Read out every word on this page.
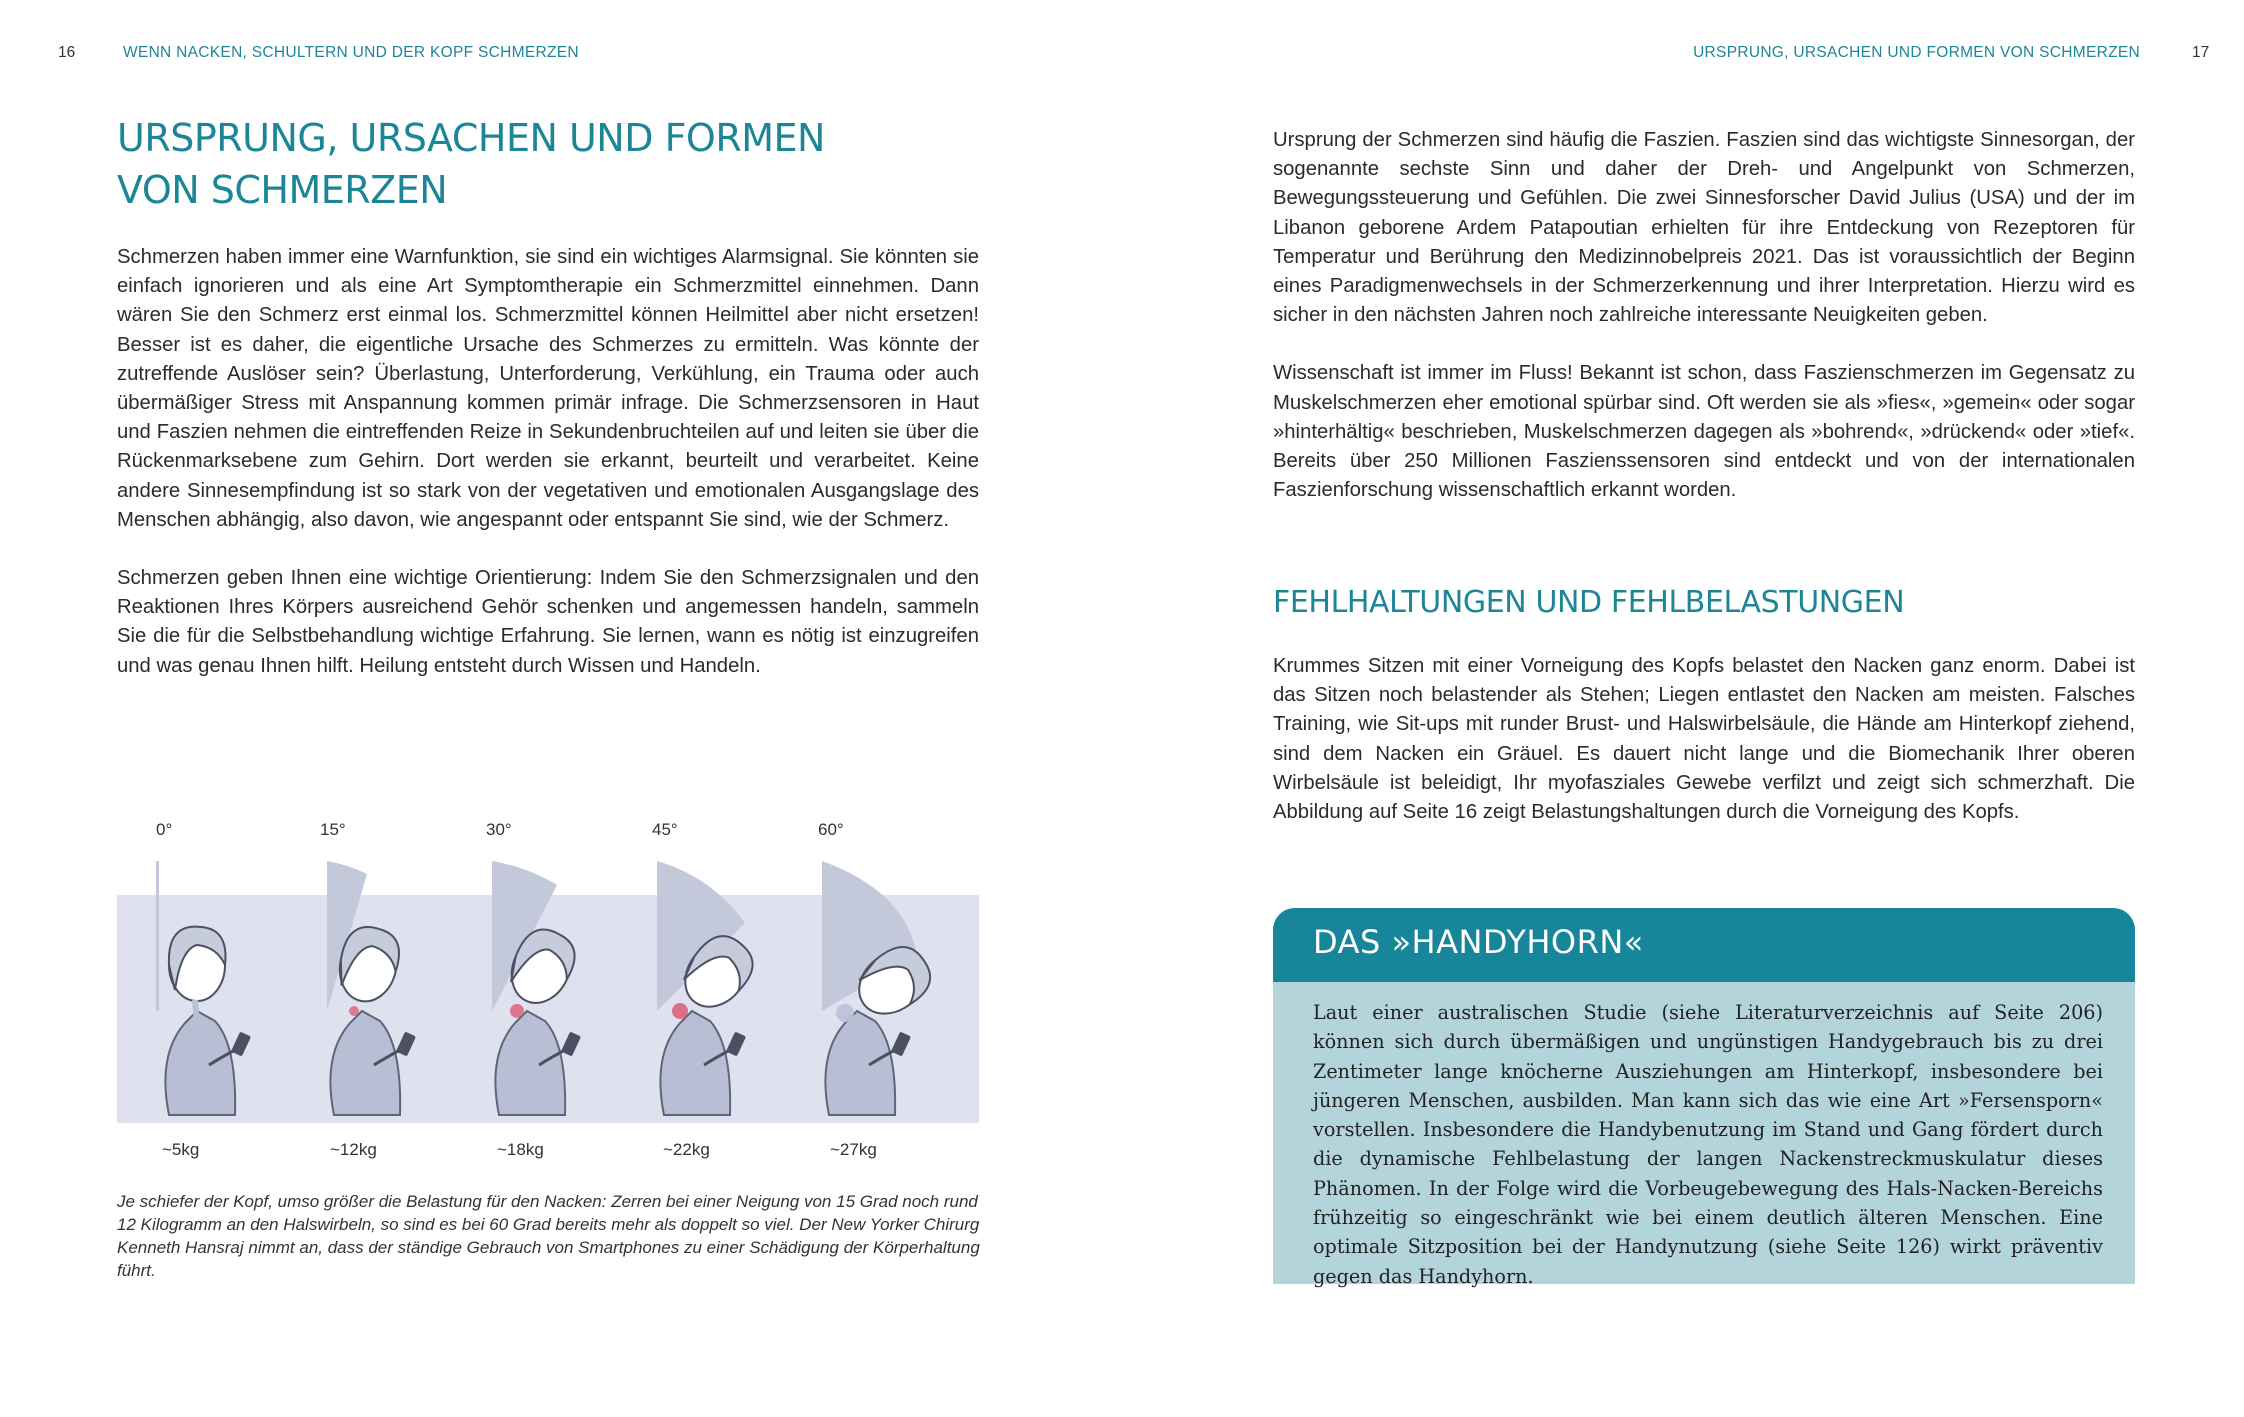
16	WENN NACKEN, SCHULTERN UND DER KOPF SCHMERZEN	URSPRUNG, URSACHEN UND FORMEN VON SCHMERZEN	17
URSPRUNG, URSACHEN UND FORMEN
VON SCHMERZEN

Schmerzen haben immer eine Warnfunktion, sie sind ein wichtiges Alarmsignal. Sie könnten sie einfach ignorieren und als eine Art Symptomtherapie ein Schmerzmittel einnehmen. Dann wären Sie den Schmerz erst einmal los. Schmerzmittel können Heilmittel aber nicht ersetzen! Besser ist es daher, die eigentliche Ursache des Schmerzes zu ermitteln. Was könnte der zutreffende Auslöser sein? Überlastung, Unterforderung, Verkühlung, ein Trauma oder auch übermäßiger Stress mit Anspannung kommen primär infrage. Die Schmerzsensoren in Haut und Faszien nehmen die eintreffenden Reize in Sekundenbruchteilen auf und leiten sie über die Rückenmarksebene zum Gehirn. Dort werden sie erkannt, beurteilt und verarbeitet. Keine andere Sinnesempfindung ist so stark von der vegetativen und emotionalen Ausgangslage des Menschen abhängig, also davon, wie angespannt oder entspannt Sie sind, wie der Schmerz.

Schmerzen geben Ihnen eine wichtige Orientierung: Indem Sie den Schmerzsignalen und den Reaktionen Ihres Körpers ausreichend Gehör schenken und angemessen handeln, sammeln Sie die für die Selbstbehandlung wichtige Erfahrung. Sie lernen, wann es nötig ist einzugreifen und was genau Ihnen hilft. Heilung entsteht durch Wissen und Handeln.

0°	15°	30°	45°	60°
~5kg	~12kg	~18kg	~22kg	~27kg
Je schiefer der Kopf, umso größer die Belastung für den Nacken: Zerren bei einer Neigung von 15 Grad noch rund 12 Kilogramm an den Halswirbeln, so sind es bei 60 Grad bereits mehr als doppelt so viel. Der New Yorker Chirurg Kenneth Hansraj nimmt an, dass der ständige Gebrauch von Smartphones zu einer Schädigung der Körperhaltung führt.

Ursprung der Schmerzen sind häufig die Faszien. Faszien sind das wichtigste Sinnesorgan, der sogenannte sechste Sinn und daher der Dreh- und Angelpunkt von Schmerzen, Bewegungssteuerung und Gefühlen. Die zwei Sinnesforscher David Julius (USA) und der im Libanon geborene Ardem Patapoutian erhielten für ihre Entdeckung von Rezeptoren für Temperatur und Berührung den Medizinnobelpreis 2021. Das ist voraussichtlich der Beginn eines Paradigmenwechsels in der Schmerzerkennung und ihrer Interpretation. Hierzu wird es sicher in den nächsten Jahren noch zahlreiche interessante Neuigkeiten geben.

Wissenschaft ist immer im Fluss! Bekannt ist schon, dass Faszienschmerzen im Gegensatz zu Muskelschmerzen eher emotional spürbar sind. Oft werden sie als »fies«, »gemein« oder sogar »hinterhältig« beschrieben, Muskelschmerzen dagegen als »bohrend«, »drückend« oder »tief«. Bereits über 250 Millionen Faszienssensoren sind entdeckt und von der internationalen Faszienforschung wissenschaftlich erkannt worden.

FEHLHALTUNGEN UND FEHLBELASTUNGEN

Krummes Sitzen mit einer Vorneigung des Kopfs belastet den Nacken ganz enorm. Dabei ist das Sitzen noch belastender als Stehen; Liegen entlastet den Nacken am meisten. Falsches Training, wie Sit-ups mit runder Brust- und Halswirbelsäule, die Hände am Hinterkopf ziehend, sind dem Nacken ein Gräuel. Es dauert nicht lange und die Biomechanik Ihrer oberen Wirbelsäule ist beleidigt, Ihr myofasziales Gewebe verfilzt und zeigt sich schmerzhaft. Die Abbildung auf Seite 16 zeigt Belastungshaltungen durch die Vorneigung des Kopfs.

DAS »HANDYHORN«

Laut einer australischen Studie (siehe Literaturverzeichnis auf Seite 206) können sich durch übermäßigen und ungünstigen Handygebrauch bis zu drei Zentimeter lange knöcherne Ausziehungen am Hinterkopf, insbesondere bei jüngeren Menschen, ausbilden. Man kann sich das wie eine Art »Fersensporn« vorstellen. Insbesondere die Handybenutzung im Stand und Gang fördert durch die dynamische Fehlbelastung der langen Nackenstreckmuskulatur dieses Phänomen. In der Folge wird die Vorbeugebewegung des Hals-Nacken-Bereichs frühzeitig so eingeschränkt wie bei einem deutlich älteren Menschen. Eine optimale Sitzposition bei der Handynutzung (siehe Seite 126) wirkt präventiv gegen das Handyhorn.
